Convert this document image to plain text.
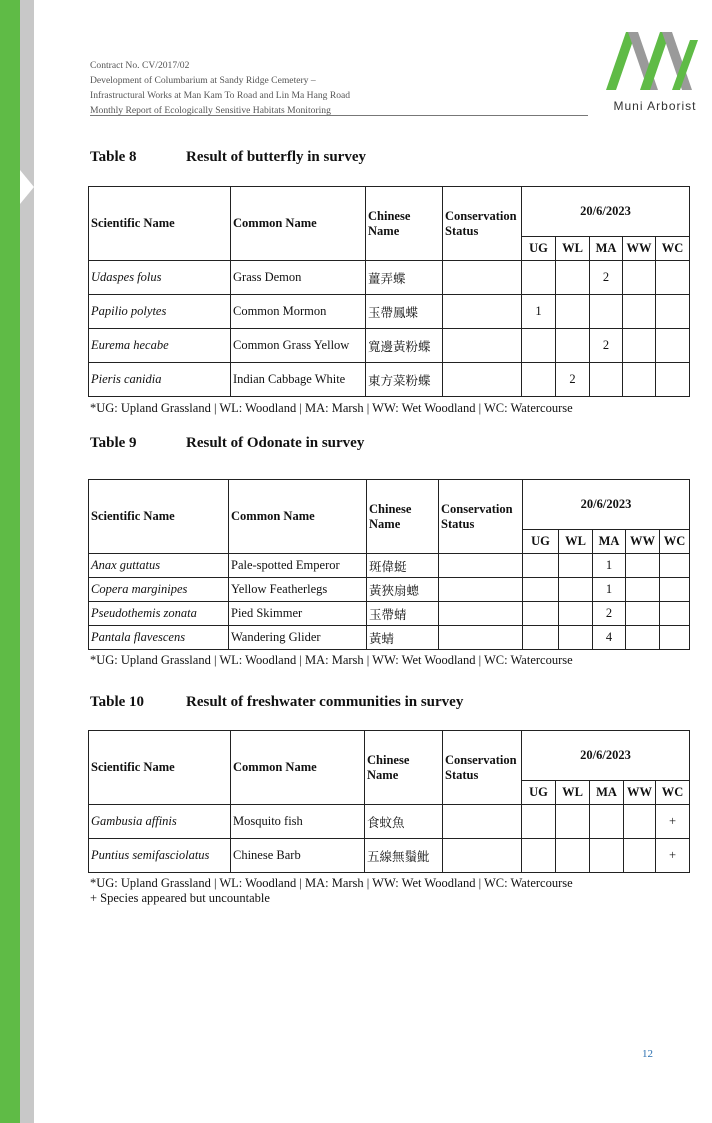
Contract No. CV/2017/02
Development of Columbarium at Sandy Ridge Cemetery –
Infrastructural Works at Man Kam To Road and Lin Ma Hang Road
Monthly Report of Ecologically Sensitive Habitats Monitoring	Muni Arborist
Table 8	Result of butterfly in survey
Scientific Name	Common Name	Chinese Name	Conservation Status	20/6/2023				
				UG	WL	MA	WW	WC
Udaspes folus	Grass Demon	薑弄蝶				2		
Papilio polytes	Common Mormon	玉帶鳳蝶		1				
Eurema hecabe	Common Grass Yellow	寬邊黃粉蝶				2		
Pieris canidia	Indian Cabbage White	東方菜粉蝶			2			
*UG: Upland Grassland | WL: Woodland | MA: Marsh | WW: Wet Woodland | WC: Watercourse
Table 9	Result of Odonate in survey
Scientific Name	Common Name	Chinese Name	Conservation Status	20/6/2023				
				UG	WL	MA	WW	WC
Anax guttatus	Pale-spotted Emperor	斑偉蜓				1		
Copera marginipes	Yellow Featherlegs	黃狹扇蟌				1		
Pseudothemis zonata	Pied Skimmer	玉帶蜻				2		
Pantala flavescens	Wandering Glider	黃蜻				4		
*UG: Upland Grassland | WL: Woodland | MA: Marsh | WW: Wet Woodland | WC: Watercourse
Table 10	Result of freshwater communities in survey
Scientific Name	Common Name	Chinese Name	Conservation Status	20/6/2023				
				UG	WL	MA	WW	WC
Gambusia affinis	Mosquito fish	食蚊魚						+
Puntius semifasciolatus	Chinese Barb	五線無鬚魮						+
*UG: Upland Grassland | WL: Woodland | MA: Marsh | WW: Wet Woodland | WC: Watercourse
+ Species appeared but uncountable
12
